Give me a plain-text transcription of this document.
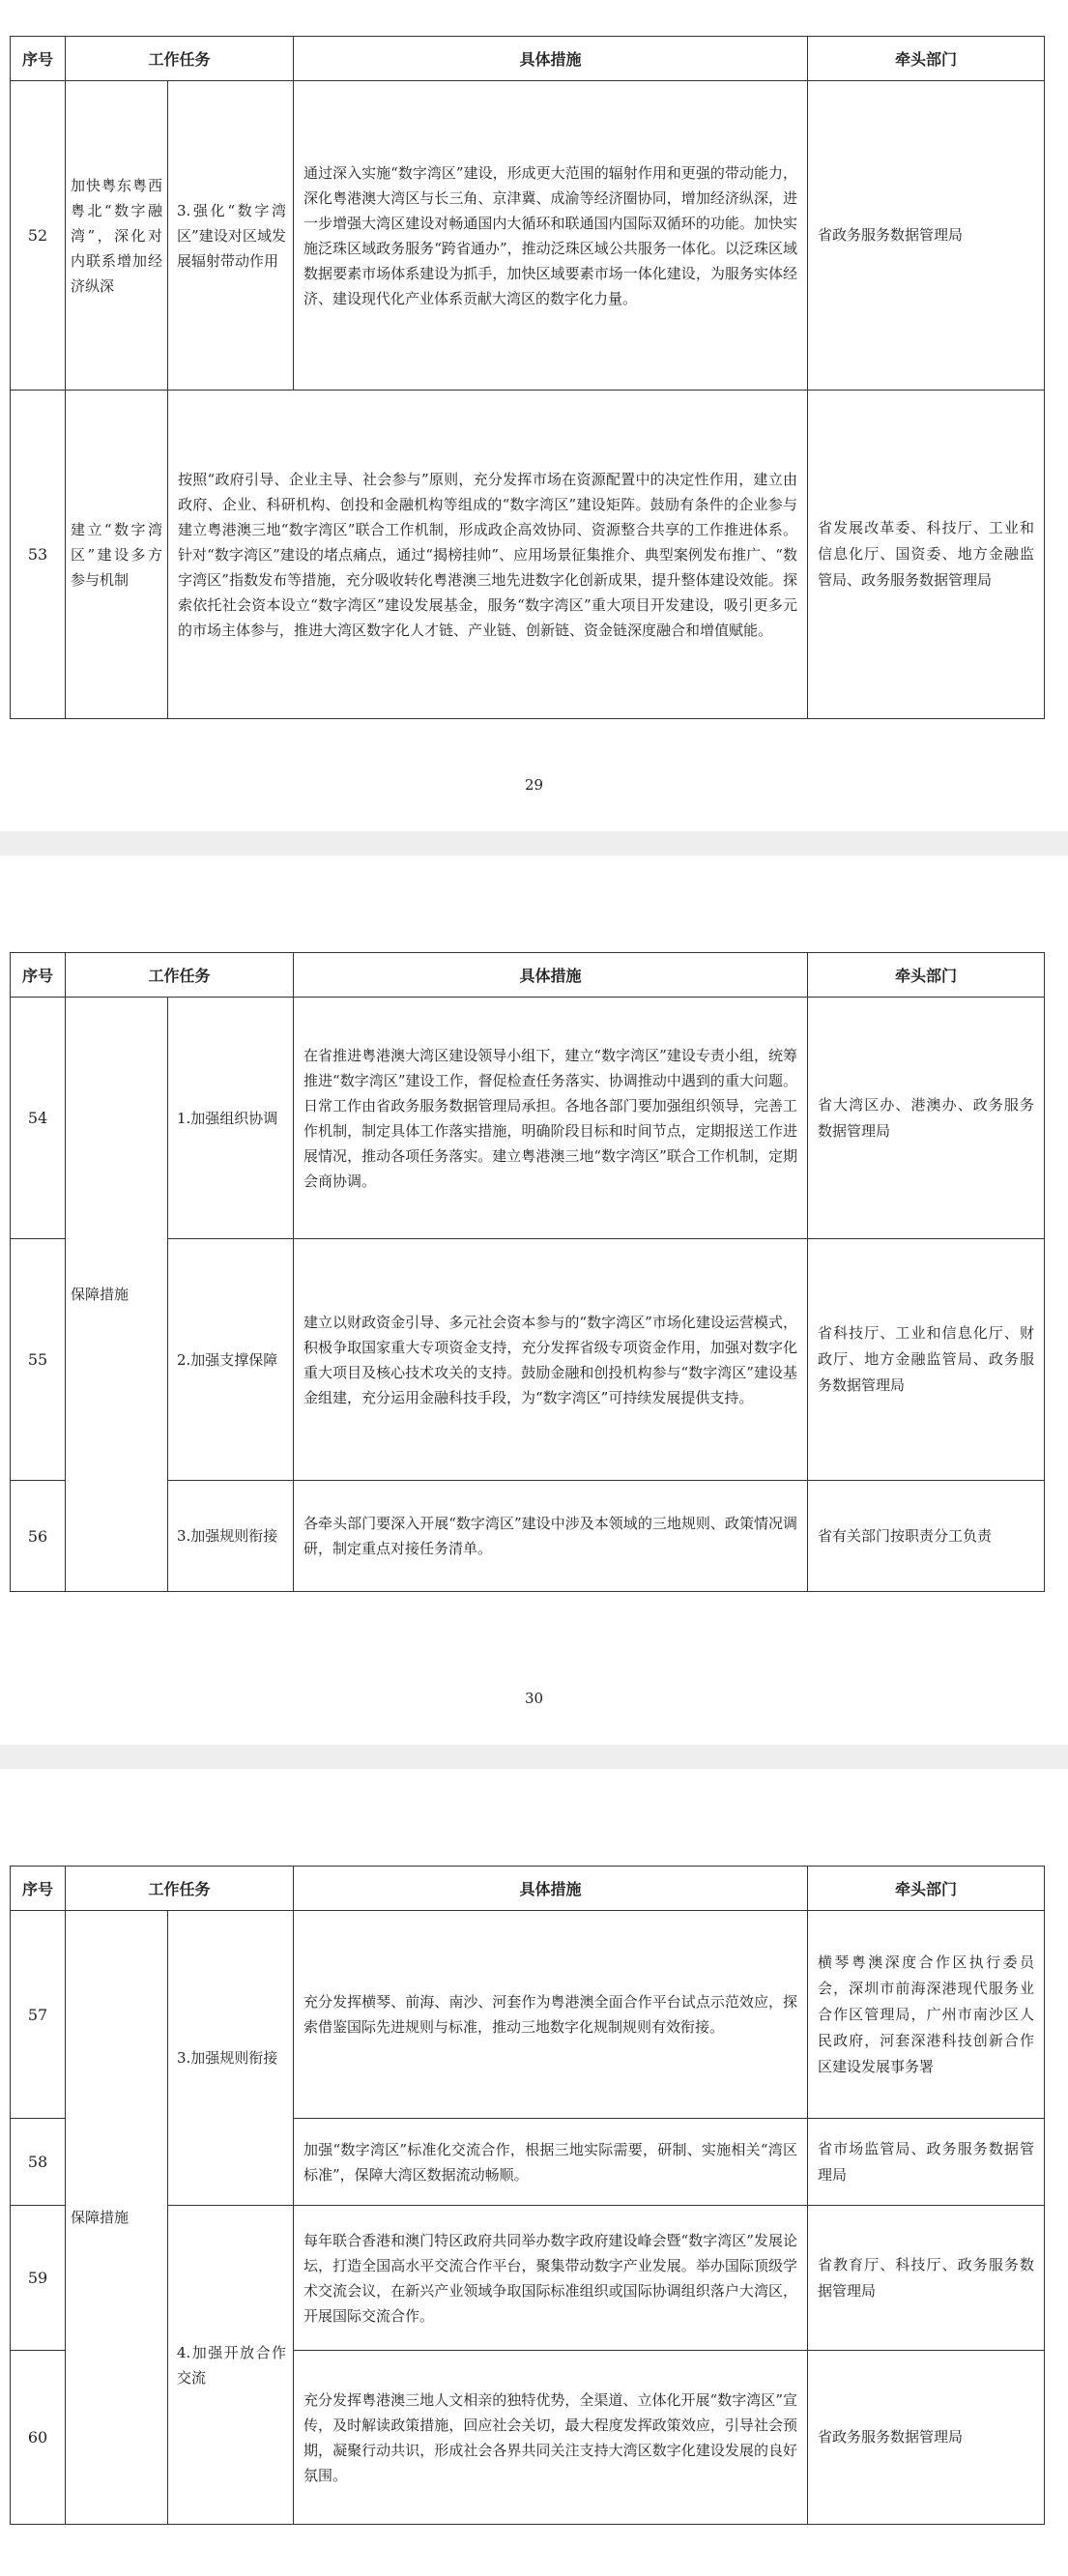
序号	工作任务		具体措施	牵头部门
52	加快粤东粤西粤北“数字融湾”，深化对内联系增加经济纵深	3.强化“数字湾区”建设对区域发展辐射带动作用	通过深入实施“数字湾区”建设，形成更大范围的辐射作用和更强的带动能力，深化粤港澳大湾区与长三角、京津冀、成渝等经济圈协同，增加经济纵深，进一步增强大湾区建设对畅通国内大循环和联通国内国际双循环的功能。加快实施泛珠区域政务服务“跨省通办”，推动泛珠区域公共服务一体化。以泛珠区域数据要素市场体系建设为抓手，加快区域要素市场一体化建设，为服务实体经济、建设现代化产业体系贡献大湾区的数字化力量。	省政务服务数据管理局
53	建立“数字湾区”建设多方参与机制	按照“政府引导、企业主导、社会参与”原则，充分发挥市场在资源配置中的决定性作用，建立由政府、企业、科研机构、创投和金融机构等组成的“数字湾区”建设矩阵。鼓励有条件的企业参与建立粤港澳三地“数字湾区”联合工作机制，形成政企高效协同、资源整合共享的工作推进体系。针对“数字湾区”建设的堵点痛点，通过“揭榜挂帅”、应用场景征集推介、典型案例发布推广、“数字湾区”指数发布等措施，充分吸收转化粤港澳三地先进数字化创新成果，提升整体建设效能。探索依托社会资本设立“数字湾区”建设发展基金，服务“数字湾区”重大项目开发建设，吸引更多元的市场主体参与，推进大湾区数字化人才链、产业链、创新链、资金链深度融合和增值赋能。		省发展改革委、科技厅、工业和信息化厅、国资委、地方金融监管局、政务服务数据管理局
29
序号	工作任务		具体措施	牵头部门
54	保障措施	1.加强组织协调	在省推进粤港澳大湾区建设领导小组下，建立“数字湾区”建设专责小组，统筹推进“数字湾区”建设工作，督促检查任务落实、协调推动中遇到的重大问题。日常工作由省政务服务数据管理局承担。各地各部门要加强组织领导，完善工作机制，制定具体工作落实措施，明确阶段目标和时间节点，定期报送工作进展情况，推动各项任务落实。建立粤港澳三地“数字湾区”联合工作机制，定期会商协调。	省大湾区办、港澳办、政务服务数据管理局
55		2.加强支撑保障	建立以财政资金引导、多元社会资本参与的“数字湾区”市场化建设运营模式，积极争取国家重大专项资金支持，充分发挥省级专项资金作用，加强对数字化重大项目及核心技术攻关的支持。鼓励金融和创投机构参与“数字湾区”建设基金组建，充分运用金融科技手段，为“数字湾区”可持续发展提供支持。	省科技厅、工业和信息化厅、财政厅、地方金融监管局、政务服务数据管理局
56		3.加强规则衔接	各牵头部门要深入开展“数字湾区”建设中涉及本领域的三地规则、政策情况调研，制定重点对接任务清单。	省有关部门按职责分工负责
30
序号	工作任务		具体措施	牵头部门
57	保障措施	3.加强规则衔接	充分发挥横琴、前海、南沙、河套作为粤港澳全面合作平台试点示范效应，探索借鉴国际先进规则与标准，推动三地数字化规制规则有效衔接。	横琴粤澳深度合作区执行委员会，深圳市前海深港现代服务业合作区管理局，广州市南沙区人民政府，河套深港科技创新合作区建设发展事务署
58			加强“数字湾区”标准化交流合作，根据三地实际需要，研制、实施相关“湾区标准”，保障大湾区数据流动畅顺。	省市场监管局、政务服务数据管理局
59		4.加强开放合作交流	每年联合香港和澳门特区政府共同举办数字政府建设峰会暨“数字湾区”发展论坛，打造全国高水平交流合作平台，聚集带动数字产业发展。举办国际顶级学术交流会议，在新兴产业领域争取国际标准组织或国际协调组织落户大湾区，开展国际交流合作。	省教育厅、科技厅、政务服务数据管理局
60			充分发挥粤港澳三地人文相亲的独特优势，全渠道、立体化开展“数字湾区”宣传，及时解读政策措施，回应社会关切，最大程度发挥政策效应，引导社会预期，凝聚行动共识，形成社会各界共同关注支持大湾区数字化建设发展的良好氛围。	省政务服务数据管理局
